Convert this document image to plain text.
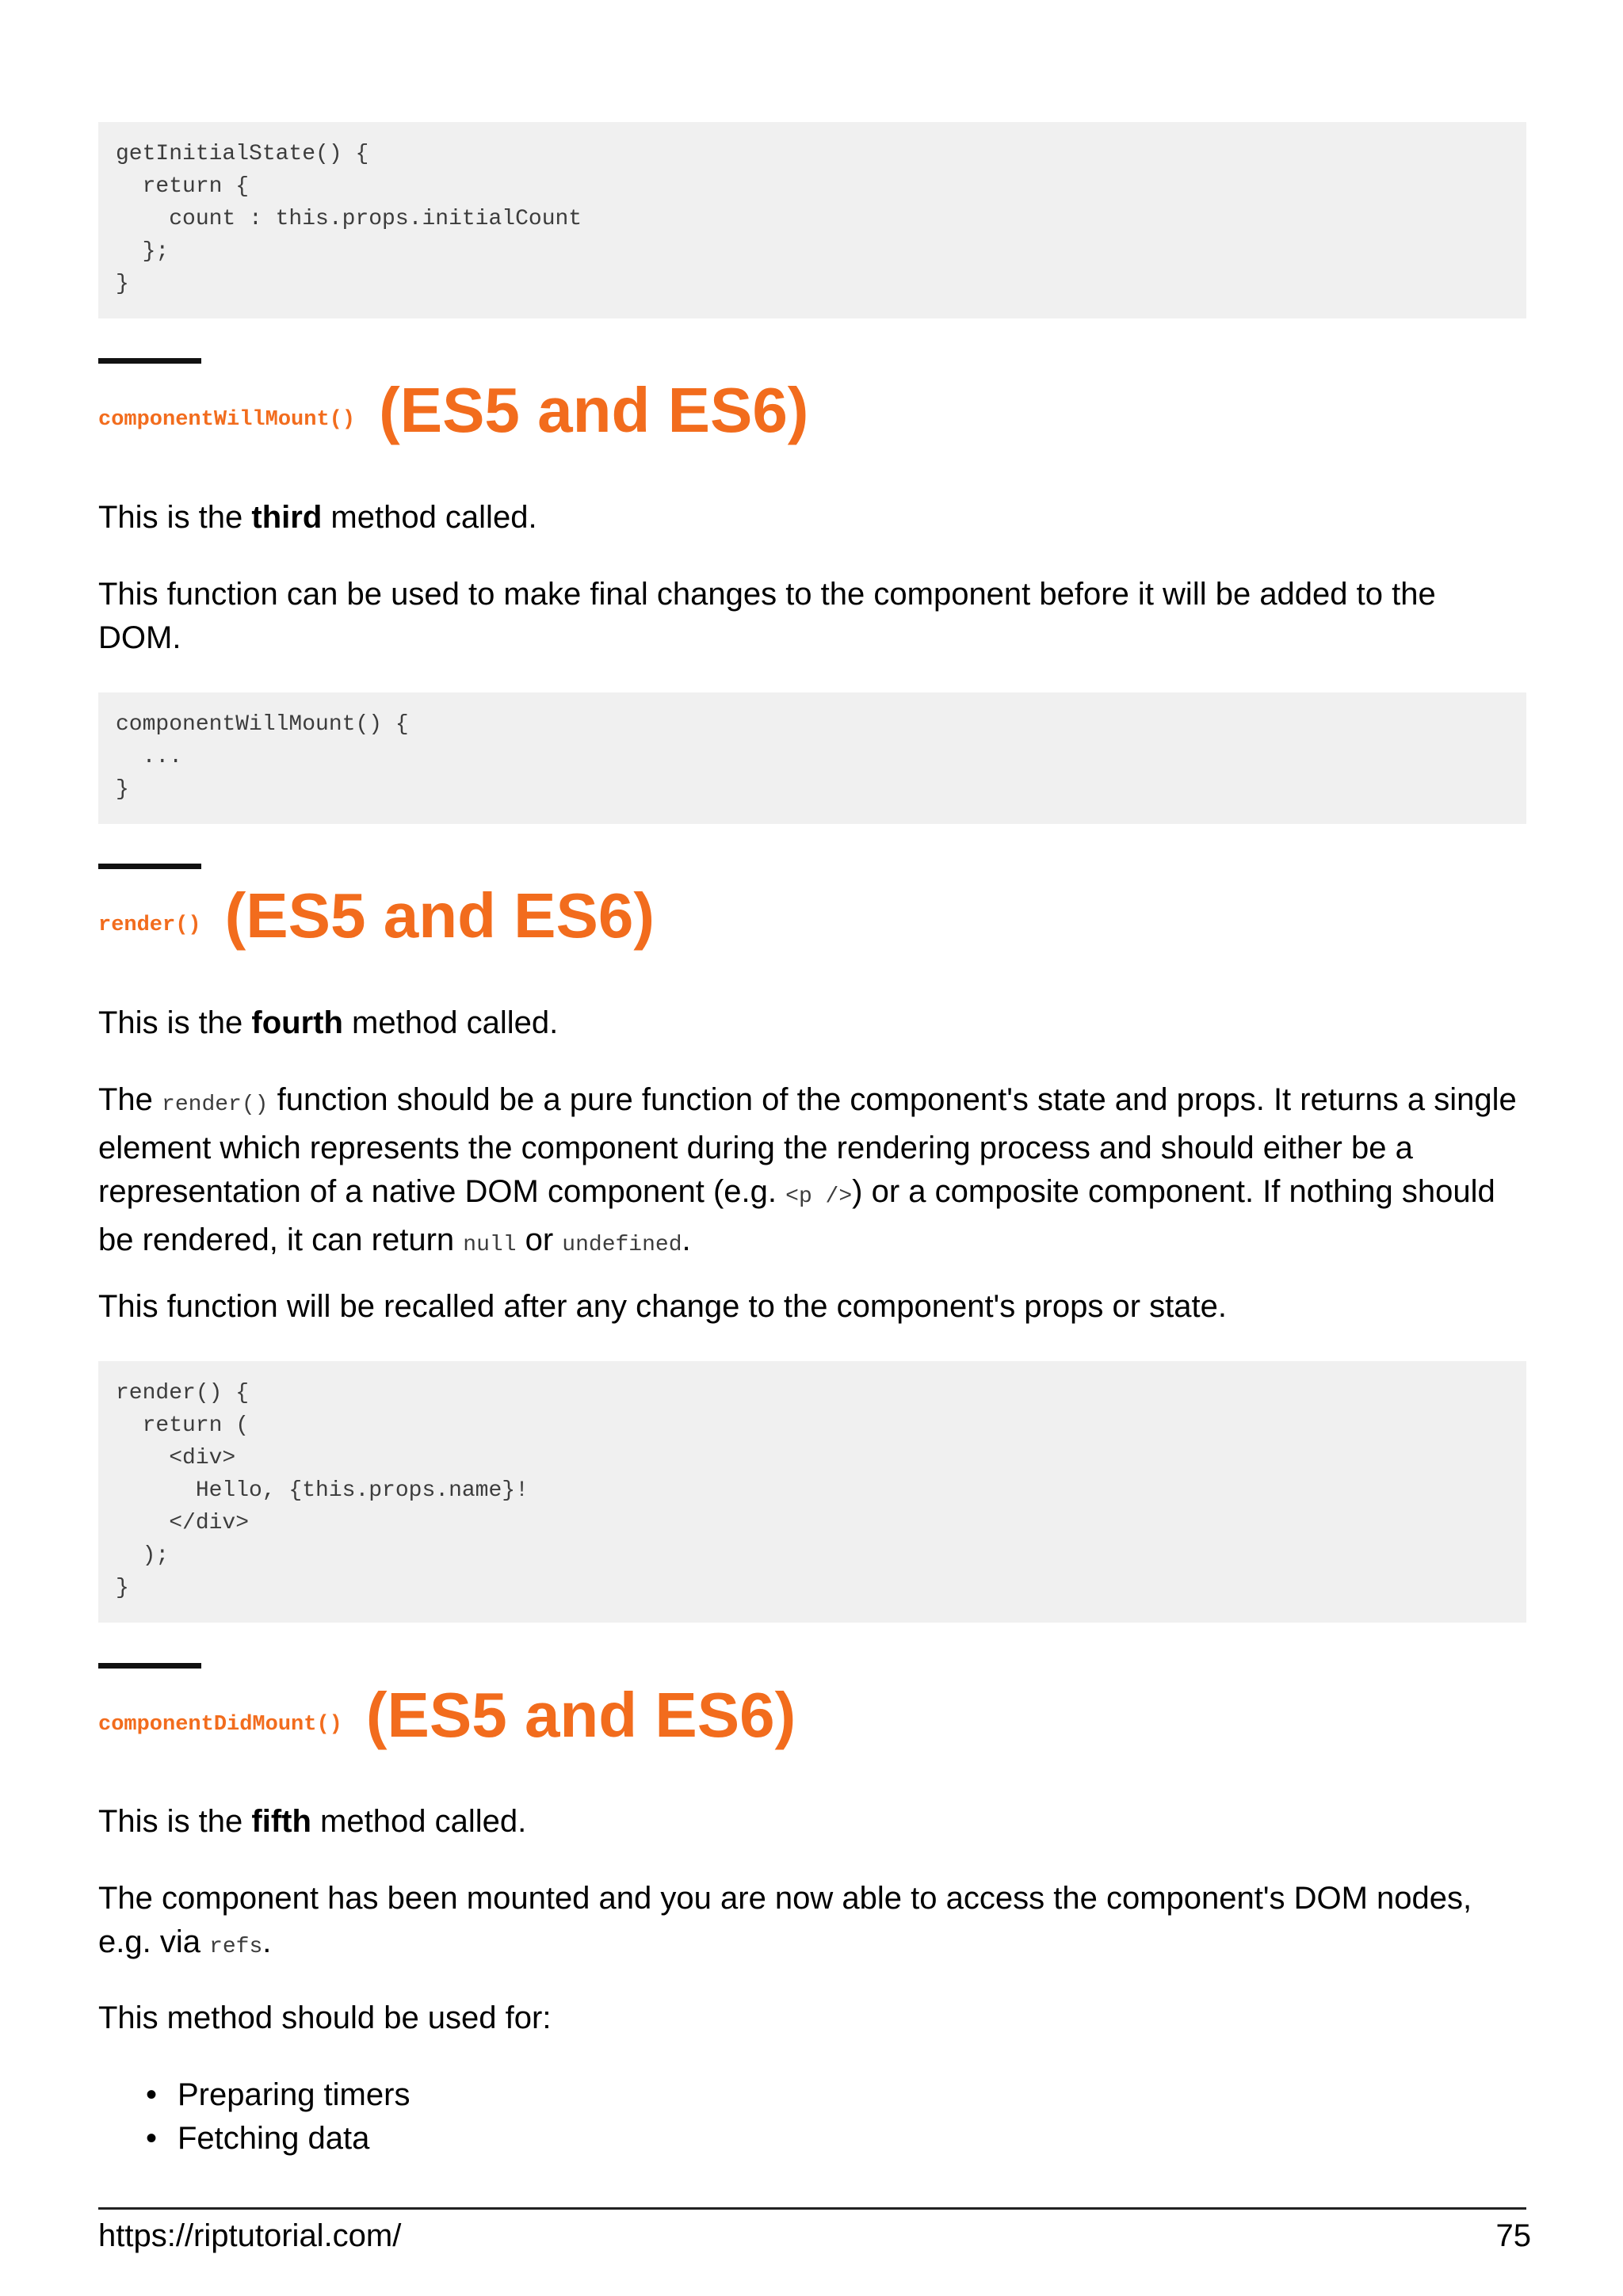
getInitialState() {
return {
count : this.props.initialCount
};
}
componentWillMount() (ES5 and ES6)

This is the third method called.

This function can be used to make final changes to the component before it will be added to the DOM.

componentWillMount() {
...
}
render() (ES5 and ES6)

This is the fourth method called.

The render() function should be a pure function of the component's state and props. It returns a single element which represents the component during the rendering process and should either be a representation of a native DOM component (e.g. <p />) or a composite component. If nothing should be rendered, it can return null or undefined.

This function will be recalled after any change to the component's props or state.

render() {
return (
<div>
Hello, {this.props.name}!
</div>
);
}
componentDidMount() (ES5 and ES6)

This is the fifth method called.

The component has been mounted and you are now able to access the component's DOM nodes, e.g. via refs.

This method should be used for:

• Preparing timers
• Fetching data
https://riptutorial.com/	75
